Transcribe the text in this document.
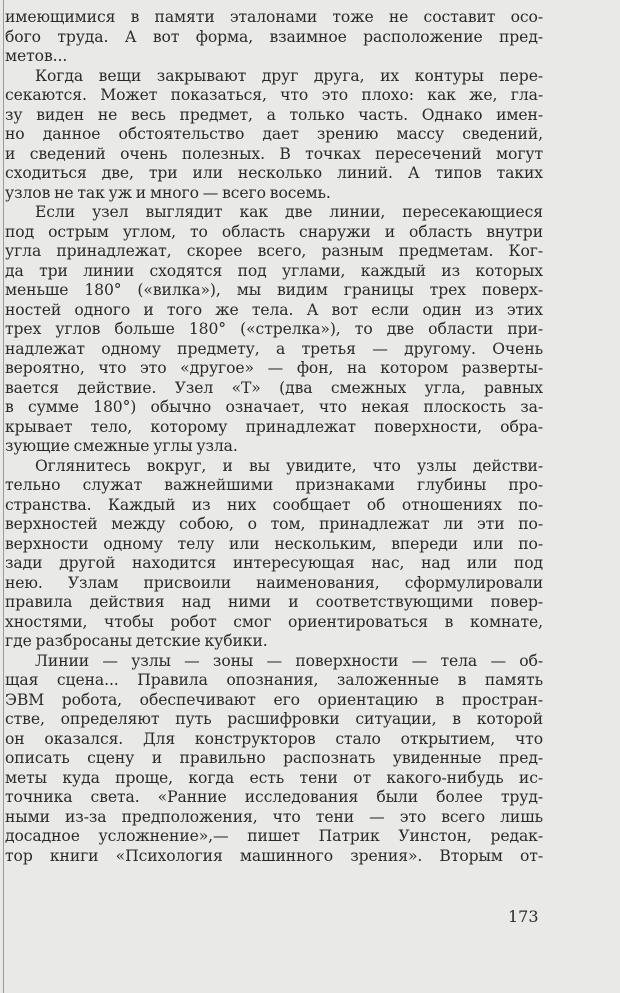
имеющимися в памяти эталонами тоже не составит осо-
бого труда. А вот форма, взаимное расположение пред-
метов...
Когда вещи закрывают друг друга, их контуры пере-
секаются. Может показаться, что это плохо: как же, гла-
зу виден не весь предмет, а только часть. Однако имен-
но данное обстоятельство дает зрению массу сведений,
и сведений очень полезных. В точках пересечений могут
сходиться две, три или несколько линий. А типов таких
узлов не так уж и много — всего восемь.
Если узел выглядит как две линии, пересекающиеся
под острым углом, то область снаружи и область внутри
угла принадлежат, скорее всего, разным предметам. Ког-
да три линии сходятся под углами, каждый из которых
меньше 180° («вилка»), мы видим границы трех поверх-
ностей одного и того же тела. А вот если один из этих
трех углов больше 180° («стрелка»), то две области при-
надлежат одному предмету, а третья — другому. Очень
вероятно, что это «другое» — фон, на котором разверты-
вается действие. Узел «Т» (два смежных угла, равных
в сумме 180°) обычно означает, что некая плоскость за-
крывает тело, которому принадлежат поверхности, обра-
зующие смежные углы узла.
Оглянитесь вокруг, и вы увидите, что узлы действи-
тельно служат важнейшими признаками глубины про-
странства. Каждый из них сообщает об отношениях по-
верхностей между собою, о том, принадлежат ли эти по-
верхности одному телу или нескольким, впереди или по-
зади другой находится интересующая нас, над или под
нею. Узлам присвоили наименования, сформулировали
правила действия над ними и соответствующими повер-
хностями, чтобы робот смог ориентироваться в комнате,
где разбросаны детские кубики.
Линии — узлы — зоны — поверхности — тела — об-
щая сцена... Правила опознания, заложенные в память
ЭВМ робота, обеспечивают его ориентацию в простран-
стве, определяют путь расшифровки ситуации, в которой
он оказался. Для конструкторов стало открытием, что
описать сцену и правильно распознать увиденные пред-
меты куда проще, когда есть тени от какого-нибудь ис-
точника света. «Ранние исследования были более труд-
ными из-за предположения, что тени — это всего лишь
досадное усложнение»,— пишет Патрик Уинстон, редак-
тор книги «Психология машинного зрения». Вторым от-
173
